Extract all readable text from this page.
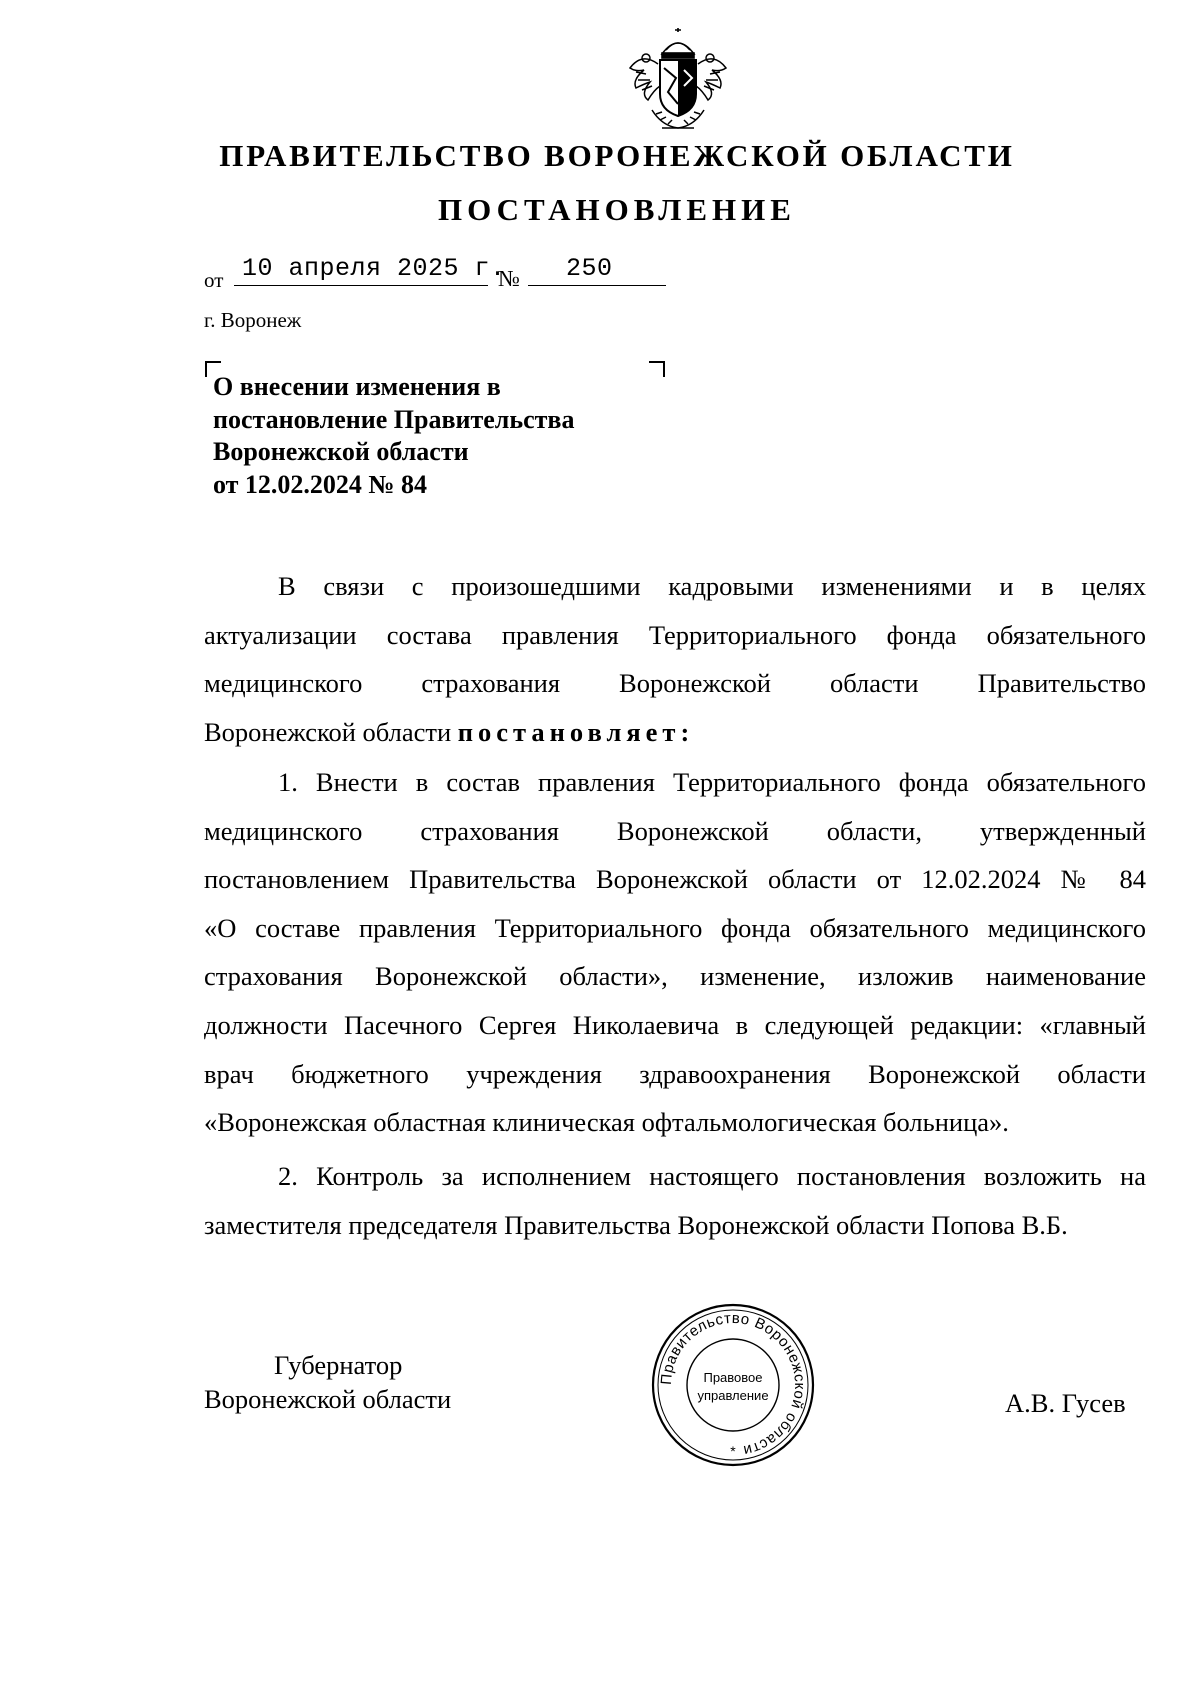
ПРАВИТЕЛЬСТВО ВОРОНЕЖСКОЙ ОБЛАСТИ
ПОСТАНОВЛЕНИЕ
от 10 апреля 2025 г.
№	250
г. Воронеж
О внесении изменения в
постановление Правительства
Воронежской области
от 12.02.2024 № 84
В связи с произошедшими кадровыми изменениями и в целях
актуализации состава правления Территориального фонда обязательного
медицинского страхования Воронежской области Правительство
Воронежской области постановляет:
1. Внести в состав правления Территориального фонда обязательного
медицинского страхования Воронежской области, утвержденный
постановлением Правительства Воронежской области от 12.02.2024 № 84
«О составе правления Территориального фонда обязательного медицинского
страхования Воронежской области», изменение, изложив наименование
должности Пасечного Сергея Николаевича в следующей редакции: «главный
врач бюджетного учреждения здравоохранения Воронежской области
«Воронежская областная клиническая офтальмологическая больница».
2. Контроль за исполнением настоящего постановления возложить на
заместителя председателя Правительства Воронежской области Попова В.Б.
Губернатор
Воронежской области
Правительство Воронежской области
Правовое
управление
*
А.В. Гусев
